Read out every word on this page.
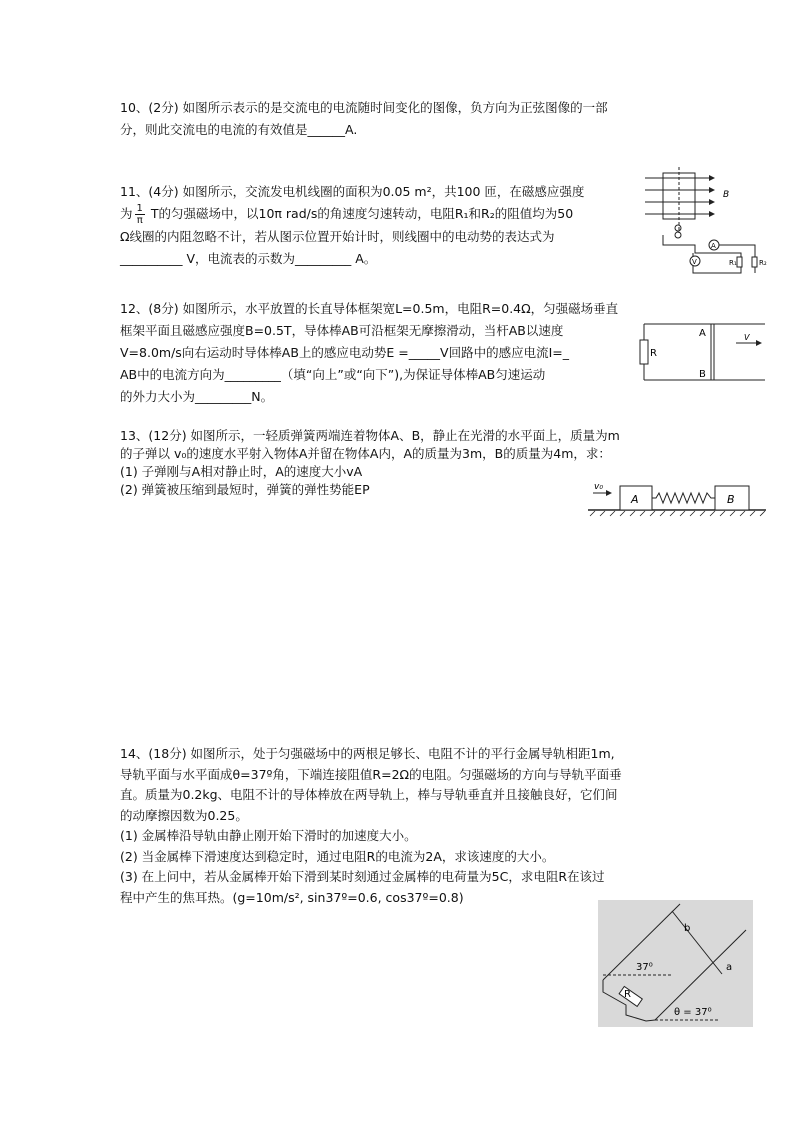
10、(2分) 如图所示表示的是交流电的电流随时间变化的图像，负方向为正弦图像的一部
分，则此交流电的电流的有效值是______A.
11、(4分) 如图所示，交流发电机线圈的面积为0.05 m²，共100 匝，在磁感应强度
为 $\frac{1}{\pi}$ T的匀强磁场中，以10π rad/s的角速度匀速转动，电阻R₁和R₂的阻值均为50
Ω线圈的内阻忽略不计，若从图示位置开始计时，则线圈中的电动势的表达式为
__________ V，电流表的示数为_________ A。
B
A
V	R₁	R₂
12、(8分) 如图所示，水平放置的长直导体框架宽L=0.5m，电阻R=0.4Ω，匀强磁场垂直
框架平面且磁感应强度B=0.5T，导体棒AB可沿框架无摩擦滑动，当杆AB以速度
V=8.0m/s向右运动时导体棒AB上的感应电动势E =_____V回路中的感应电流I=_
AB中的电流方向为_________（填“向上”或“向下”),为保证导体棒AB匀速运动
的外力大小为_________N。
R
A
B
V
13、(12分) 如图所示，一轻质弹簧两端连着物体A、B，静止在光滑的水平面上，质量为m
的子弹以 v₀的速度水平射入物体A并留在物体A内，A的质量为3m，B的质量为4m，求：
(1) 子弹刚与A相对静止时，A的速度大小vA
(2) 弹簧被压缩到最短时，弹簧的弹性势能EP	v₀
A	B
14、(18分) 如图所示，处于匀强磁场中的两根足够长、电阻不计的平行金属导轨相距1m,
导轨平面与水平面成θ=37º角，下端连接阻值R=2Ω的电阻。匀强磁场的方向与导轨平面垂
直。质量为0.2kg、电阻不计的导体棒放在两导轨上，棒与导轨垂直并且接触良好，它们间
的动摩擦因数为0.25。
(1) 金属棒沿导轨由静止刚开始下滑时的加速度大小。
(2) 当金属棒下滑速度达到稳定时，通过电阻R的电流为2A，求该速度的大小。
(3) 在上问中，若从金属棒开始下滑到某时刻通过金属棒的电荷量为5C，求电阻R在该过
程中产生的焦耳热。(g=10m/s², sin37º=0.6, cos37º=0.8)
b
a
37⁰
R
θ = 37⁰
